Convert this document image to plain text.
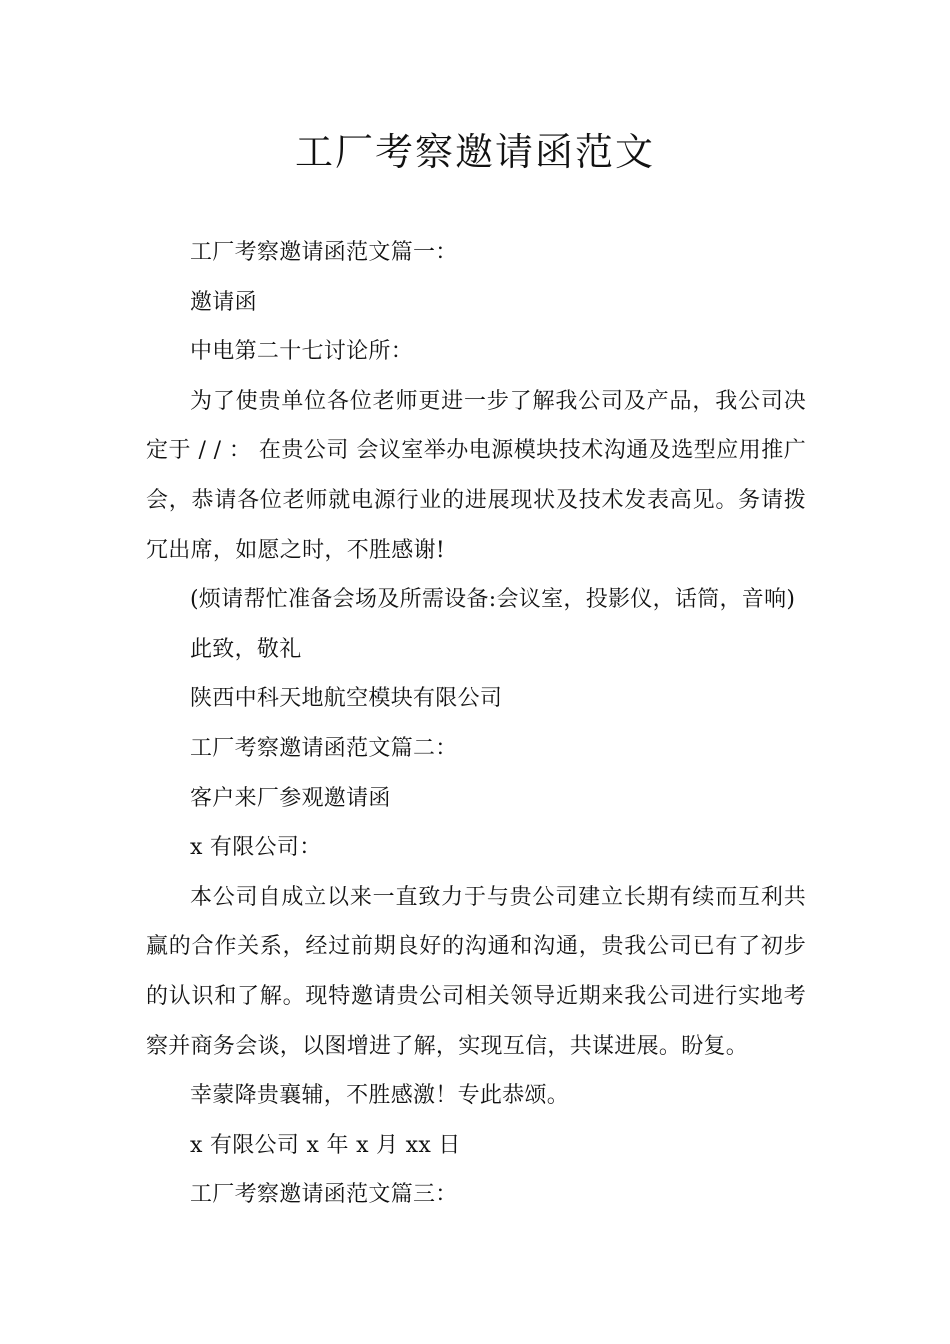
工厂考察邀请函范文

工厂考察邀请函范文篇一：

邀请函

中电第二十七讨论所：

为了使贵单位各位老师更进一步了解我公司及产品，我公司决定于 / / ： 在贵公司 会议室举办电源模块技术沟通及选型应用推广会，恭请各位老师就电源行业的进展现状及技术发表高见。务请拨冗出席，如愿之时，不胜感谢!

(烦请帮忙准备会场及所需设备:会议室，投影仪，话筒，音响)

此致，敬礼

陕西中科天地航空模块有限公司

工厂考察邀请函范文篇二：

客户来厂参观邀请函

x 有限公司：

本公司自成立以来一直致力于与贵公司建立长期有续而互利共赢的合作关系，经过前期良好的沟通和沟通，贵我公司已有了初步的认识和了解。现特邀请贵公司相关领导近期来我公司进行实地考察并商务会谈，以图增进了解，实现互信，共谋进展。盼复。

幸蒙降贵襄辅，不胜感激！专此恭颂。

x 有限公司 x 年 x 月 xx 日

工厂考察邀请函范文篇三：
